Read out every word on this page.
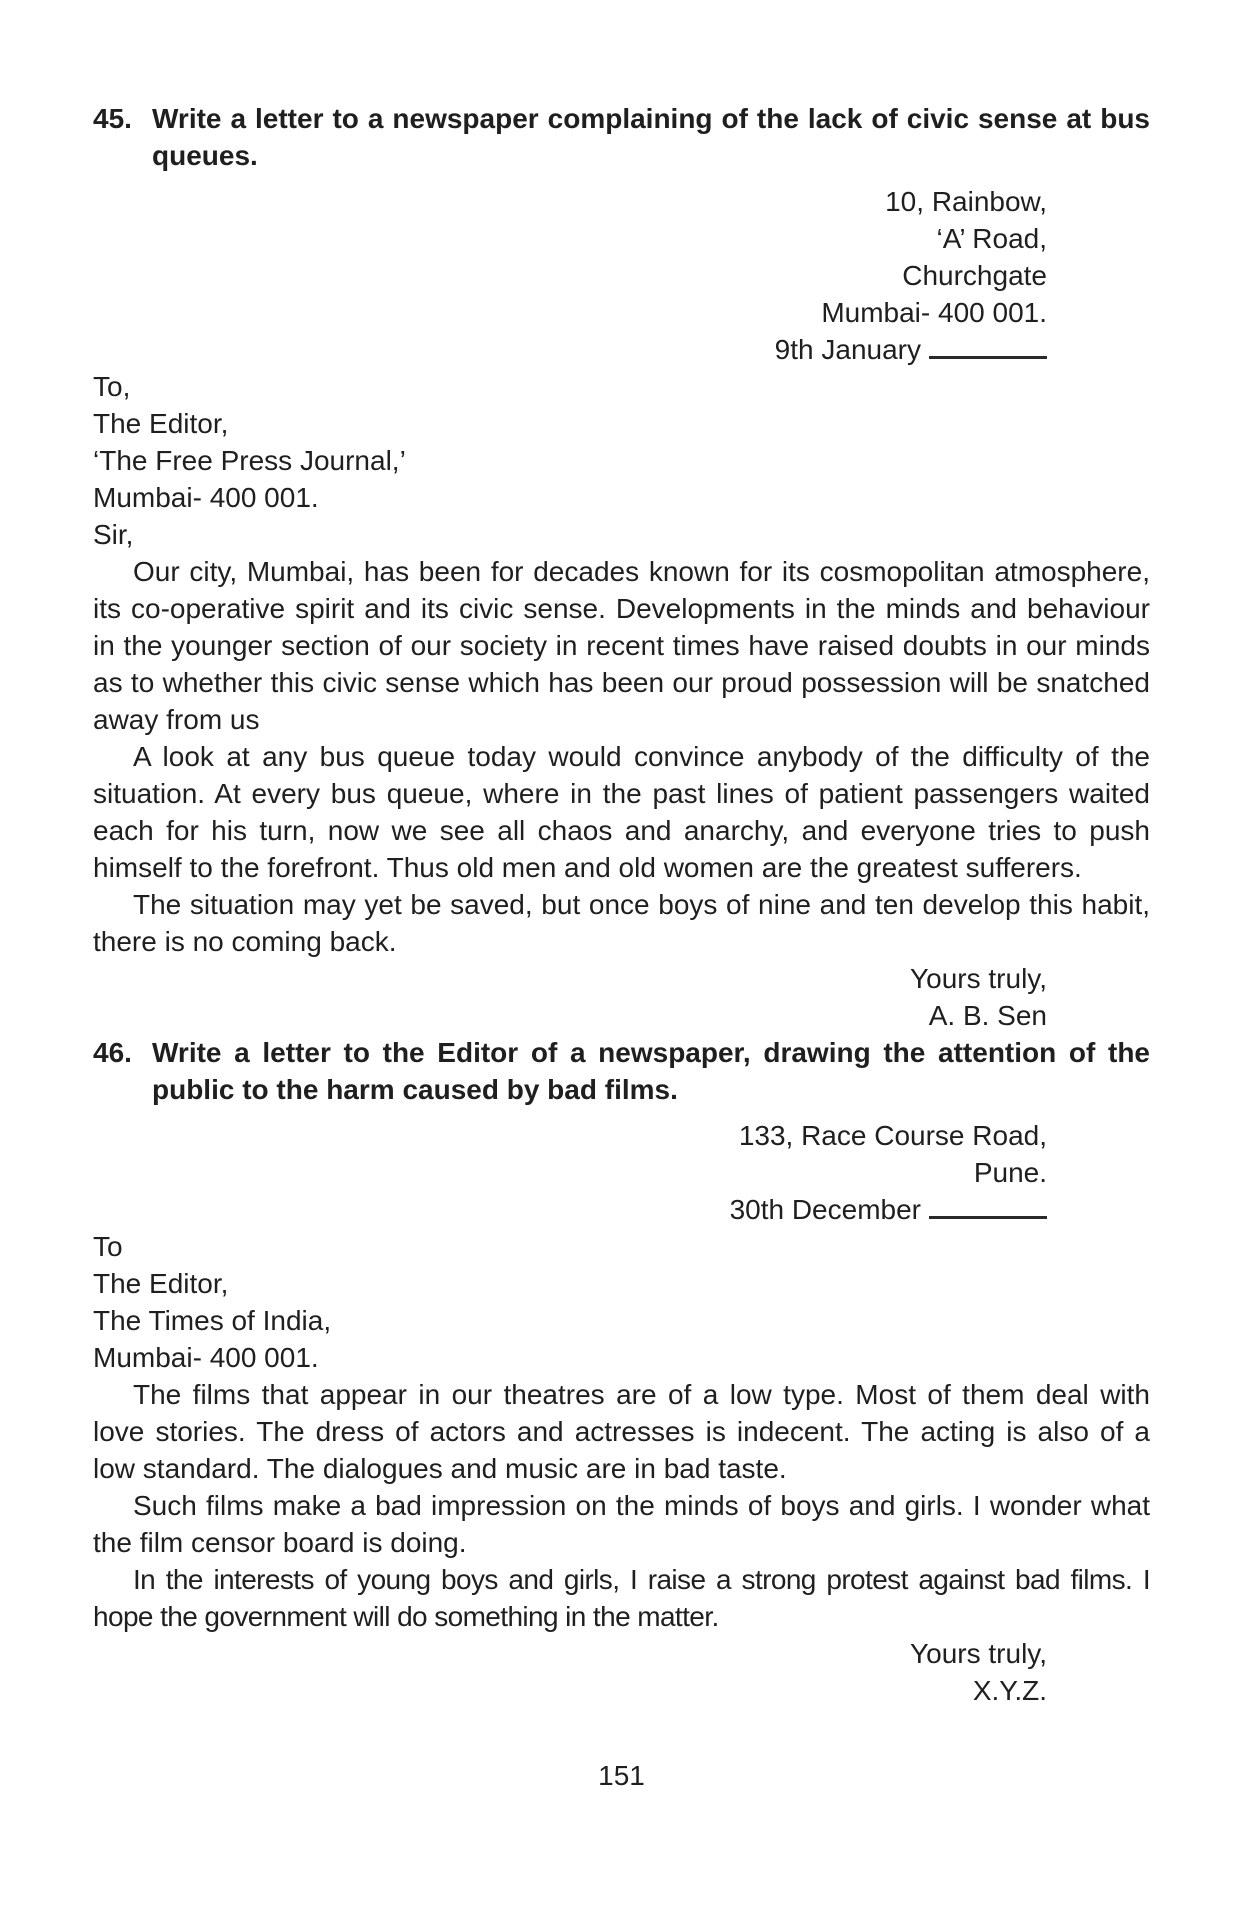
45. Write a letter to a newspaper complaining of the lack of civic sense at bus queues.
10, Rainbow,
‘A’ Road,
Churchgate
Mumbai- 400 001.
9th January
To,
The Editor,
‘The Free Press Journal,’
Mumbai- 400 001.
Sir,
Our city, Mumbai, has been for decades known for its cosmopolitan atmosphere, its co-operative spirit and its civic sense. Developments in the minds and behaviour in the younger section of our society in recent times have raised doubts in our minds as to whether this civic sense which has been our proud possession will be snatched away from us
A look at any bus queue today would convince anybody of the difficulty of the situation. At every bus queue, where in the past lines of patient passengers waited each for his turn, now we see all chaos and anarchy, and everyone tries to push himself to the forefront. Thus old men and old women are the greatest sufferers.
The situation may yet be saved, but once boys of nine and ten develop this habit, there is no coming back.
Yours truly,
A. B. Sen
46. Write a letter to the Editor of a newspaper, drawing the attention of the public to the harm caused by bad films.
133, Race Course Road,
Pune.
30th December
To
The Editor,
The Times of India,
Mumbai- 400 001.
The films that appear in our theatres are of a low type. Most of them deal with love stories. The dress of actors and actresses is indecent. The acting is also of a low standard. The dialogues and music are in bad taste.
Such films make a bad impression on the minds of boys and girls. I wonder what the film censor board is doing.
In the interests of young boys and girls, I raise a strong protest against bad films. I hope the government will do something in the matter.
Yours truly,
X.Y.Z.
151
